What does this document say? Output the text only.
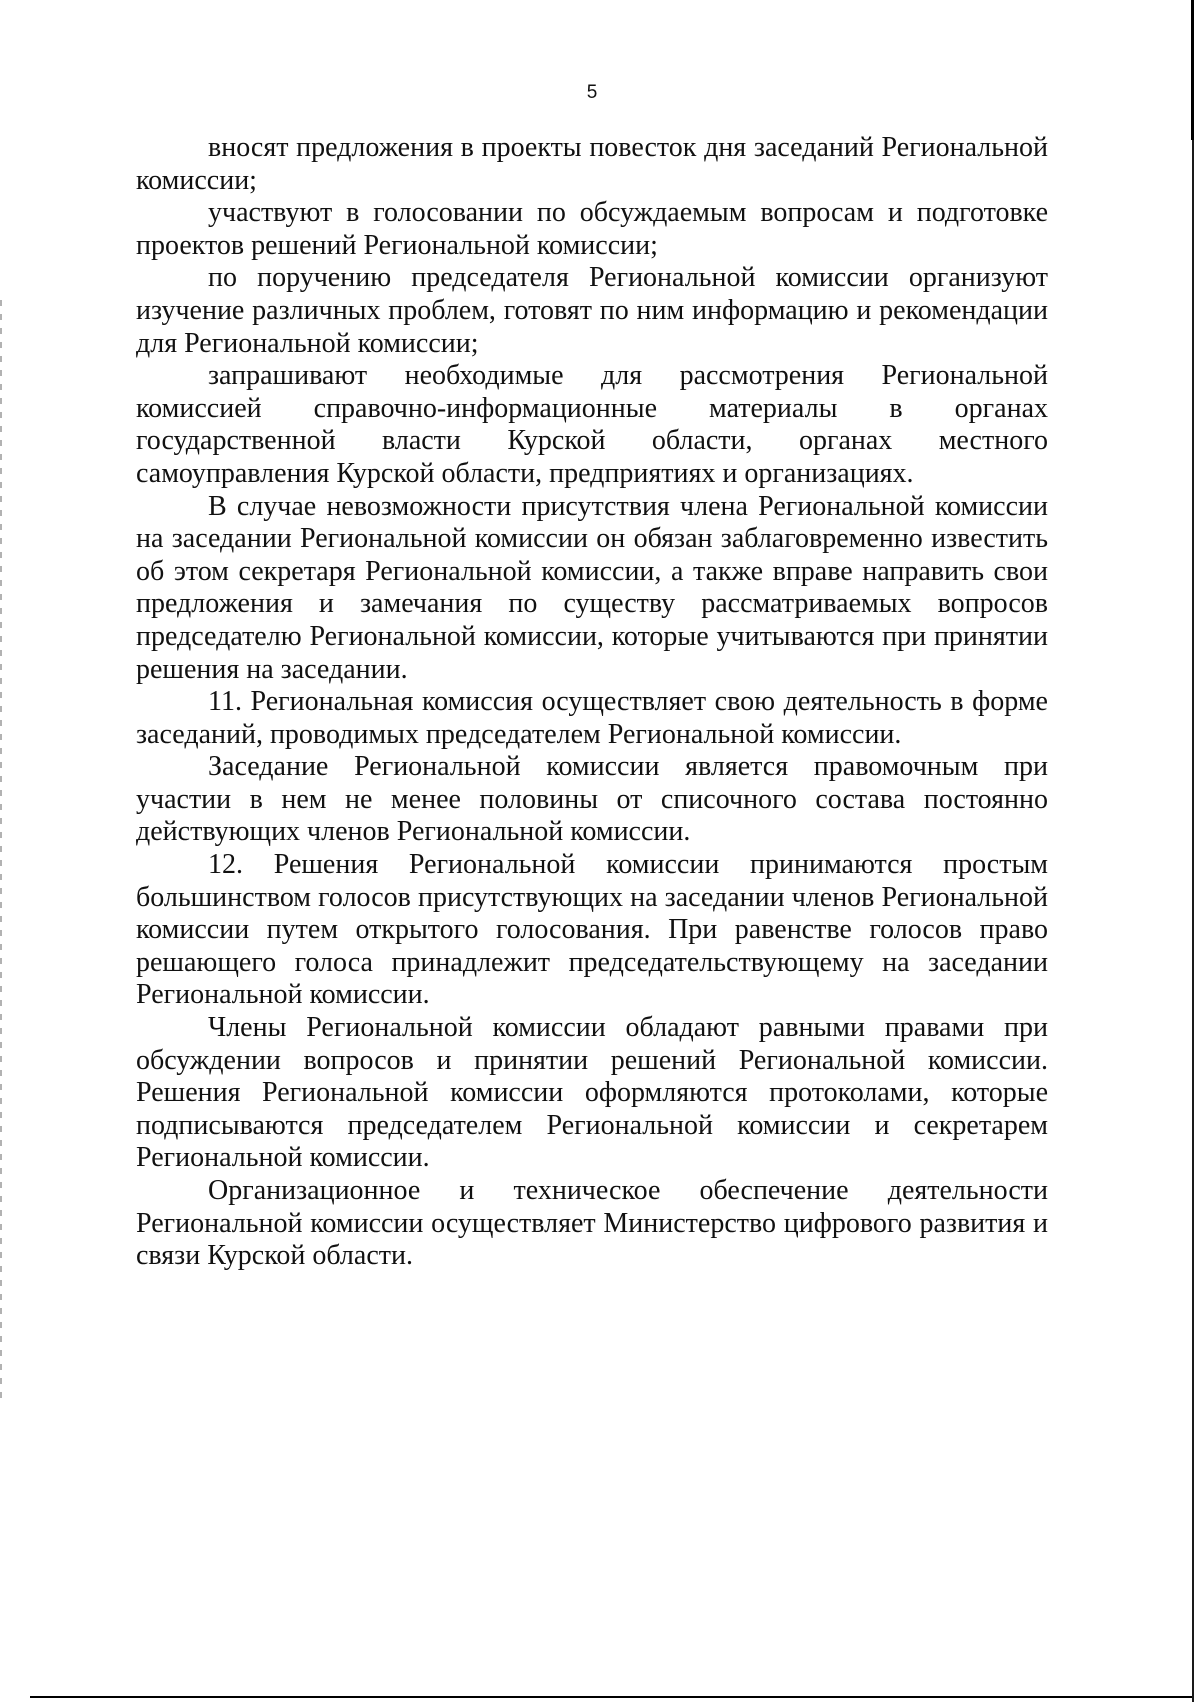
5

вносят предложения в проекты повесток дня заседаний Региональной комиссии;

участвуют в голосовании по обсуждаемым вопросам и подготовке проектов решений Региональной комиссии;

по поручению председателя Региональной комиссии организуют изучение различных проблем, готовят по ним информацию и рекомендации для Региональной комиссии;

запрашивают необходимые для рассмотрения Региональной комиссией справочно-информационные материалы в органах государственной власти Курской области, органах местного самоуправления Курской области, предприятиях и организациях.

В случае невозможности присутствия члена Региональной комиссии на заседании Региональной комиссии он обязан заблаговременно известить об этом секретаря Региональной комиссии, а также вправе направить свои предложения и замечания по существу рассматриваемых вопросов председателю Региональной комиссии, которые учитываются при принятии решения на заседании.

11. Региональная комиссия осуществляет свою деятельность в форме заседаний, проводимых председателем Региональной комиссии.

Заседание Региональной комиссии является правомочным при участии в нем не менее половины от списочного состава постоянно действующих членов Региональной комиссии.

12. Решения Региональной комиссии принимаются простым большинством голосов присутствующих на заседании членов Региональной комиссии путем открытого голосования. При равенстве голосов право решающего голоса принадлежит председательствующему на заседании Региональной комиссии.

Члены Региональной комиссии обладают равными правами при обсуждении вопросов и принятии решений Региональной комиссии. Решения Региональной комиссии оформляются протоколами, которые подписываются председателем Региональной комиссии и секретарем Региональной комиссии.

Организационное и техническое обеспечение деятельности Региональной комиссии осуществляет Министерство цифрового развития и связи Курской области.
